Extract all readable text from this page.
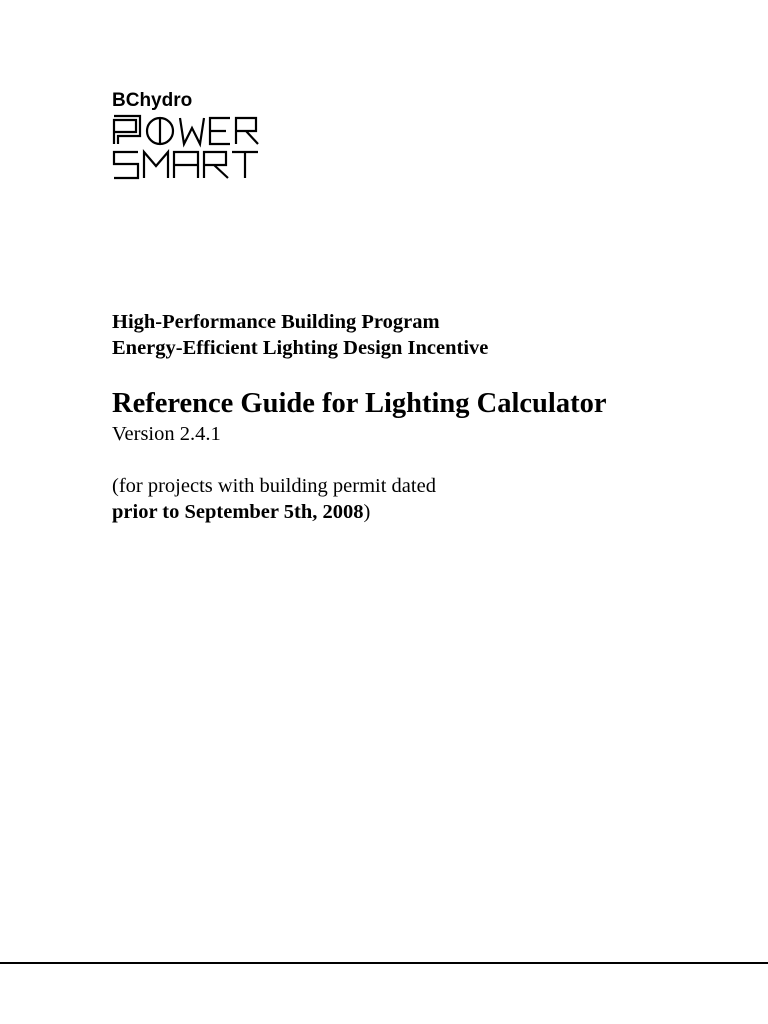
BChydro
High-Performance Building Program
Energy-Efficient Lighting Design Incentive
Reference Guide for Lighting Calculator
Version 2.4.1
(for projects with building permit dated
prior to September 5th, 2008)
